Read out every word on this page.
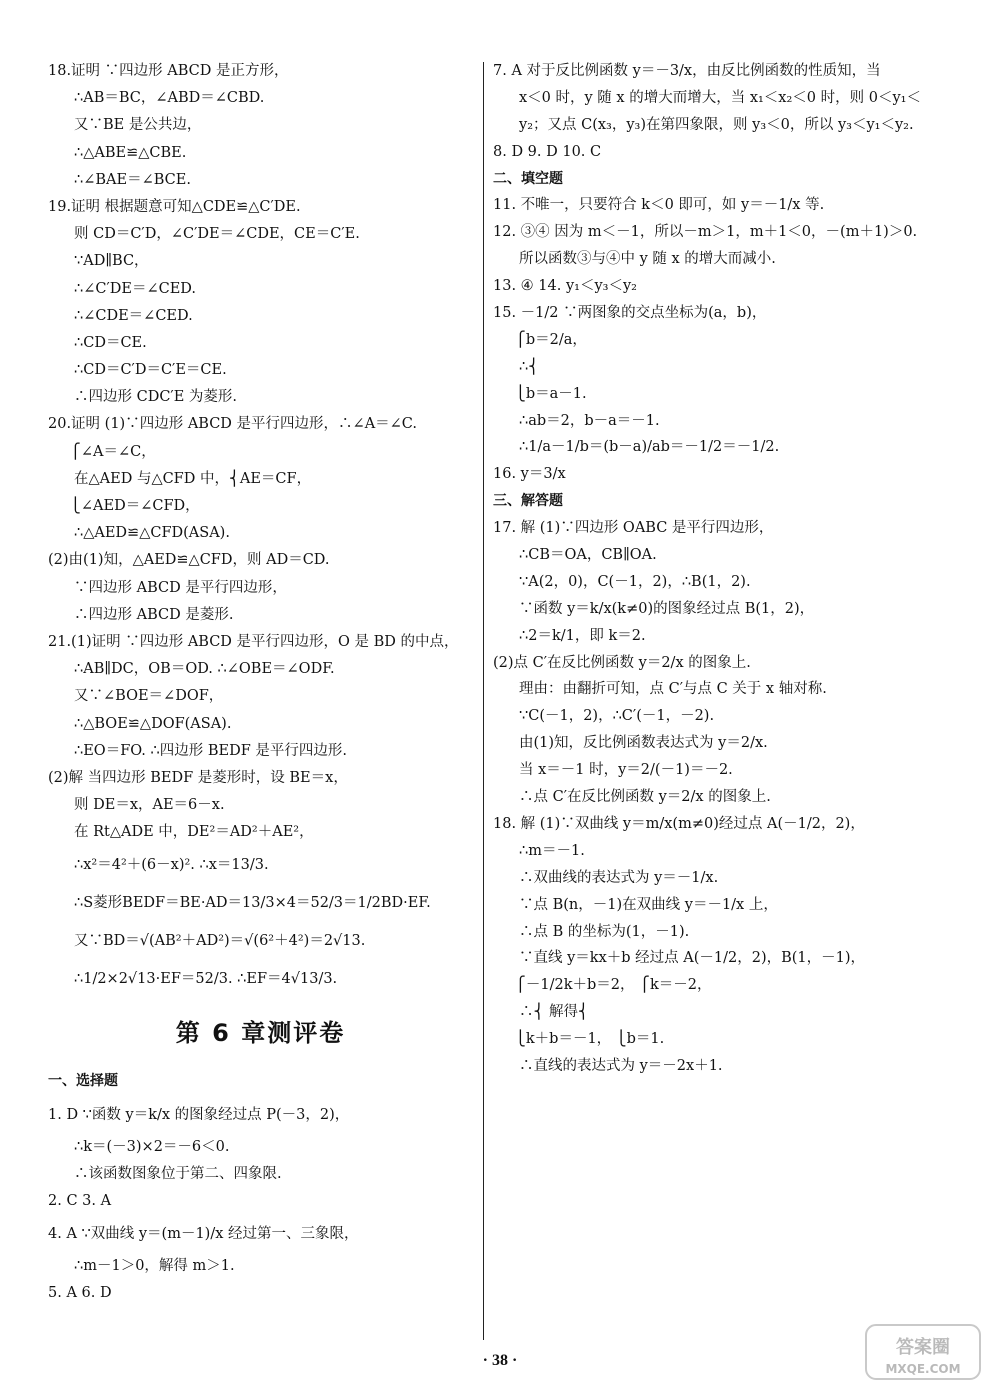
18.证明 ∵四边形 ABCD 是正方形，
∴AB＝BC，∠ABD＝∠CBD.
又∵BE 是公共边，
∴△ABE≌△CBE.
∴∠BAE＝∠BCE.
19.证明 根据题意可知△CDE≌△C′DE.
则 CD＝C′D，∠C′DE＝∠CDE，CE＝C′E.
∵AD∥BC，
∴∠C′DE＝∠CED.
∴∠CDE＝∠CED.
∴CD＝CE.
∴CD＝C′D＝C′E＝CE.
∴四边形 CDC′E 为菱形.
20.证明 (1)∵四边形 ABCD 是平行四边形，∴∠A＝∠C.
⎧∠A＝∠C，
在△AED 与△CFD 中，⎨AE＝CF，
⎩∠AED＝∠CFD，
∴△AED≌△CFD(ASA).
(2)由(1)知，△AED≌△CFD，则 AD＝CD.
∵四边形 ABCD 是平行四边形，
∴四边形 ABCD 是菱形.
21.(1)证明 ∵四边形 ABCD 是平行四边形，O 是 BD 的中点，
∴AB∥DC，OB＝OD. ∴∠OBE＝∠ODF.
又∵∠BOE＝∠DOF，
∴△BOE≌△DOF(ASA).
∴EO＝FO. ∴四边形 BEDF 是平行四边形.
(2)解 当四边形 BEDF 是菱形时，设 BE＝x，
则 DE＝x，AE＝6－x.
在 Rt△ADE 中，DE²＝AD²＋AE²，
∴x²＝4²＋(6－x)². ∴x＝13/3.
∴S菱形BEDF＝BE·AD＝13/3×4＝52/3＝1/2BD·EF.
又∵BD＝√(AB²＋AD²)＝√(6²＋4²)＝2√13.
∴1/2×2√13·EF＝52/3. ∴EF＝4√13/3.
第 6 章测评卷
一、选择题
1. D ∵函数 y＝k/x 的图象经过点 P(－3，2)，
∴k＝(－3)×2＝－6＜0.
∴该函数图象位于第二、四象限.
2. C 3. A
4. A ∵双曲线 y＝(m－1)/x 经过第一、三象限，
∴m－1＞0，解得 m＞1.
5. A 6. D
7. A 对于反比例函数 y＝－3/x，由反比例函数的性质知，当
x＜0 时，y 随 x 的增大而增大，当 x₁＜x₂＜0 时，则 0＜y₁＜
y₂；又点 C(x₃，y₃)在第四象限，则 y₃＜0，所以 y₃＜y₁＜y₂.
8. D 9. D 10. C
二、填空题
11. 不唯一，只要符合 k＜0 即可，如 y＝－1/x 等.
12. ③④ 因为 m＜－1，所以－m＞1，m＋1＜0，－(m＋1)＞0.
所以函数③与④中 y 随 x 的增大而减小.
13. ④ 14. y₁＜y₃＜y₂
15. －1/2 ∵两图象的交点坐标为(a，b)，
⎧b＝2/a，
∴⎨
⎩b＝a－1.
∴ab＝2，b－a＝－1.
∴1/a－1/b＝(b－a)/ab＝－1/2＝－1/2.
16. y＝3/x
三、解答题
17. 解 (1)∵四边形 OABC 是平行四边形，
∴CB＝OA，CB∥OA.
∵A(2，0)，C(－1，2)，∴B(1，2).
∵函数 y＝k/x(k≠0)的图象经过点 B(1，2)，
∴2＝k/1，即 k＝2.
(2)点 C′在反比例函数 y＝2/x 的图象上.
理由：由翻折可知，点 C′与点 C 关于 x 轴对称.
∵C(－1，2)，∴C′(－1，－2).
由(1)知，反比例函数表达式为 y＝2/x.
当 x＝－1 时，y＝2/(－1)＝－2.
∴点 C′在反比例函数 y＝2/x 的图象上.
18. 解 (1)∵双曲线 y＝m/x(m≠0)经过点 A(－1/2，2)，
∴m＝－1.
∴双曲线的表达式为 y＝－1/x.
∵点 B(n，－1)在双曲线 y＝－1/x 上，
∴点 B 的坐标为(1，－1).
∵直线 y＝kx＋b 经过点 A(－1/2，2)，B(1，－1)，
⎧－1/2k＋b＝2， ⎧k＝－2，
∴⎨ 解得⎨
⎩k＋b＝－1， ⎩b＝1.
∴直线的表达式为 y＝－2x＋1.
· 38 ·
答案圈
MXQE.COM
